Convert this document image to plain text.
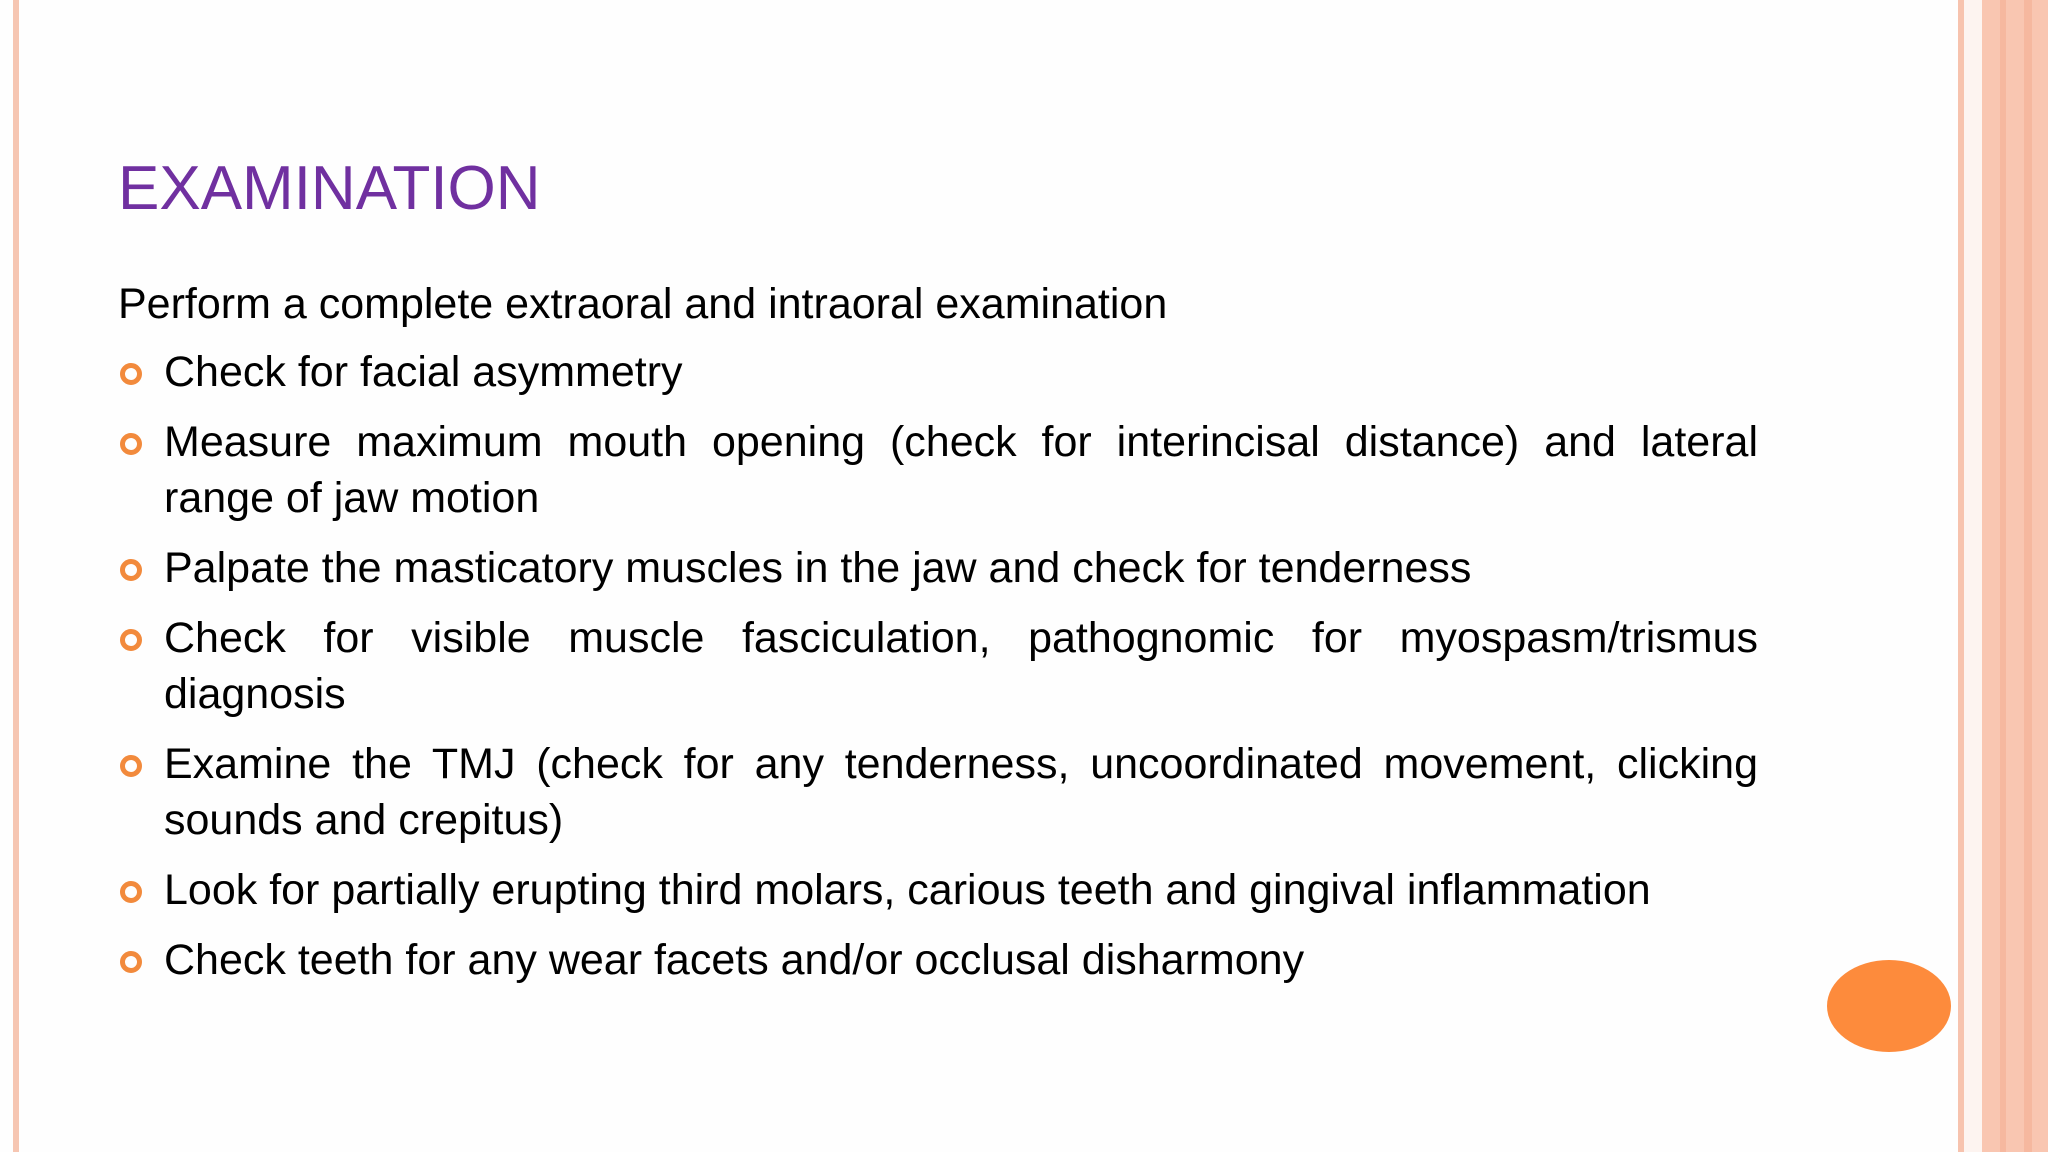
EXAMINATION

Perform a complete extraoral and intraoral examination

Check for facial asymmetry
Measure maximum mouth opening (check for interincisal distance) and lateral range of jaw motion
Palpate the masticatory muscles in the jaw and check for tenderness
Check for visible muscle fasciculation, pathognomic for myospasm/trismus diagnosis
Examine the TMJ (check for any tenderness, uncoordinated movement, clicking sounds and crepitus)
Look for partially erupting third molars, carious teeth and gingival inflammation
Check teeth for any wear facets and/or occlusal disharmony
